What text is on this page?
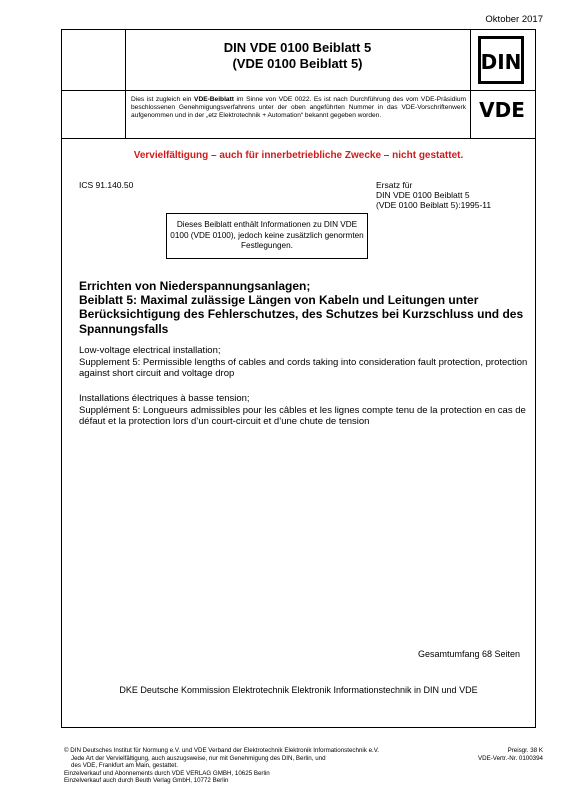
Oktober 2017
DIN VDE 0100 Beiblatt 5
(VDE 0100 Beiblatt 5)	DIN
VDE
Dies ist zugleich ein VDE-Beiblatt im Sinne von VDE 0022. Es ist nach Durchführung des vom VDE-Präsidium beschlossenen Genehmigungsverfahrens unter der oben angeführten Nummer in das VDE-Vorschriftenwerk aufgenommen und in der „etz Elektrotechnik + Automation“ bekannt gegeben worden.
Vervielfältigung – auch für innerbetriebliche Zwecke – nicht gestattet.
ICS 91.140.50	Ersatz für
DIN VDE 0100 Beiblatt 5
(VDE 0100 Beiblatt 5):1995-11
Dieses Beiblatt enthält Informationen zu DIN VDE 0100 (VDE 0100), jedoch keine zusätzlich genormten Festlegungen.
Errichten von Niederspannungsanlagen;
Beiblatt 5: Maximal zulässige Längen von Kabeln und Leitungen unter Berücksichtigung des Fehlerschutzes, des Schutzes bei Kurzschluss und des Spannungsfalls
Low-voltage electrical installation;
Supplement 5: Permissible lengths of cables and cords taking into consideration fault protection, protection against short circuit and voltage drop
Installations électriques à basse tension;
Supplément 5: Longueurs admissibles pour les câbles et les lignes compte tenu de la protection en cas de défaut et la protection lors d’un court-circuit et d’une chute de tension
Gesamtumfang 68 Seiten
DKE Deutsche Kommission Elektrotechnik Elektronik Informationstechnik in DIN und VDE
© DIN Deutsches Institut für Normung e.V. und VDE Verband der Elektrotechnik Elektronik Informationstechnik e.V.
Jede Art der Vervielfältigung, auch auszugsweise, nur mit Genehmigung des DIN, Berlin, und
des VDE, Frankfurt am Main, gestattet.
Einzelverkauf und Abonnements durch VDE VERLAG GMBH, 10625 Berlin
Einzelverkauf auch durch Beuth Verlag GmbH, 10772 Berlin
Preisgr. 38 K
VDE-Vertr.-Nr. 0100394
